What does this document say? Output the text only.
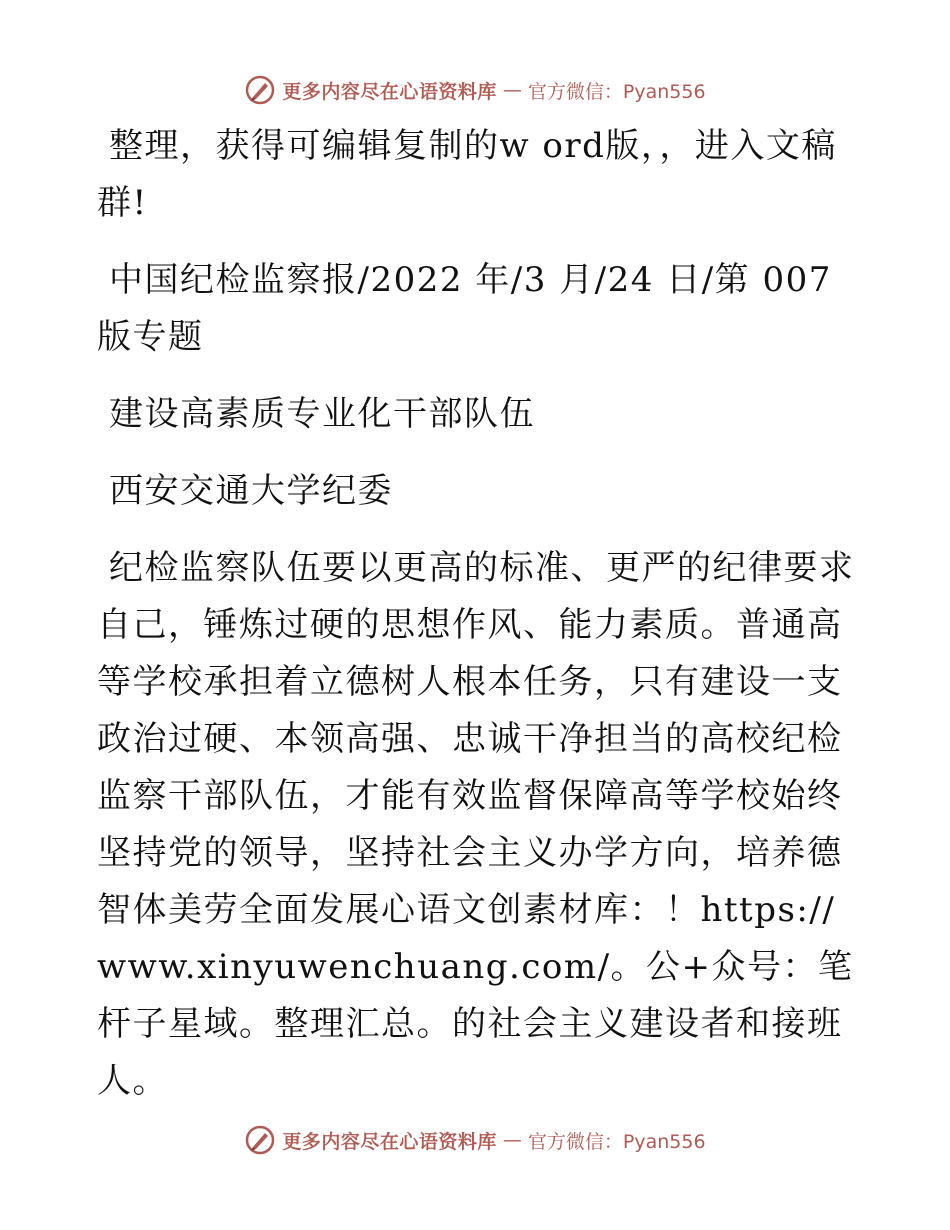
更多内容尽在心语资料库 — 官方微信：Pyan556

整理，获得可编辑复制的w ord版，，进入文稿群!

中国纪检监察报/2022 年/3 月/24 日/第 007 版专题

建设高素质专业化干部队伍

西安交通大学纪委

纪检监察队伍要以更高的标准、更严的纪律要求自己，锤炼过硬的思想作风、能力素质。普通高等学校承担着立德树人根本任务，只有建设一支政治过硬、本领高强、忠诚干净担当的高校纪检监察干部队伍，才能有效监督保障高等学校始终坚持党的领导，坚持社会主义办学方向，培养德智体美劳全面发展心语文创素材库：！https://www.xinyuwenchuang.com/。公+众号：笔杆子星域。整理汇总。的社会主义建设者和接班人。

更多内容尽在心语资料库 — 官方微信：Pyan556
